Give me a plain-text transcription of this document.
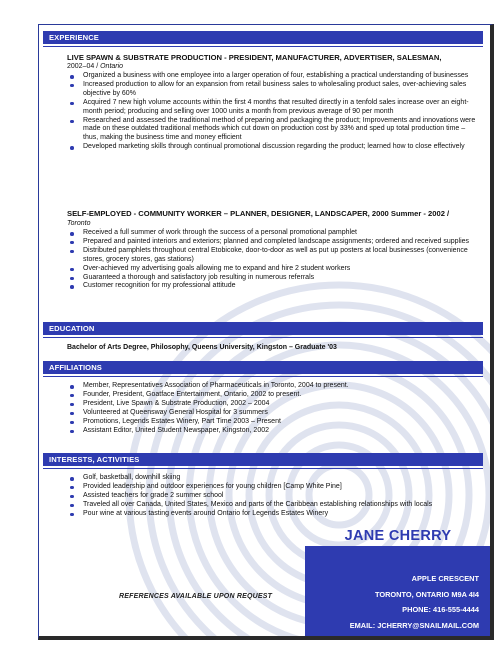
EXPERIENCE
LIVE SPAWN & SUBSTRATE PRODUCTION - PRESIDENT, MANUFACTURER, ADVERTISER, SALESMAN,
2002–04 / Ontario
Organized a business with one employee into a larger operation of four, establishing a practical understanding of businesses
Increased production to allow for an expansion from retail business sales to wholesaling product sales, over-achieving sales objective by 60%
Acquired 7 new high volume accounts within the first 4 months that resulted directly in a tenfold sales increase over an eight-month period; producing and selling over 1000 units a month from previous average of 90 per month
Researched and assessed the traditional method of preparing and packaging the product; Improvements and innovations were made on these outdated traditional methods which cut down on production cost by 33% and sped up total production time – thus, making the business time and money efficient
Developed marketing skills through continual promotional discussion regarding the product; learned how to close effectively
SELF-EMPLOYED - COMMUNITY WORKER – PLANNER, DESIGNER, LANDSCAPER, 2000 Summer - 2002 /
Toronto
Received a full summer of work through the success of a personal promotional pamphlet
Prepared and painted interiors and exteriors; planned and completed landscape assignments; ordered and received supplies
Distributed pamphlets throughout central Etobicoke, door-to-door as well as put up posters at local businesses (convenience stores, grocery stores, gas stations)
Over-achieved my advertising goals allowing me to expand and hire 2 student workers
Guaranteed a thorough and satisfactory job resulting in numerous referrals
Customer recognition for my professional attitude
EDUCATION
Bachelor of Arts Degree, Philosophy, Queens University, Kingston – Graduate '03
AFFILIATIONS
Member, Representatives Association of Pharmaceuticals in Toronto, 2004 to present.
Founder, President, Goatface Entertainment, Ontario, 2002 to present.
President, Live Spawn & Substrate Production, 2002 – 2004
Volunteered at Queensway General Hospital for 3 summers
Promotions, Legends Estates Winery, Part Time 2003 – Present
Assistant Editor, United Student Newspaper, Kingston, 2002
INTERESTS, ACTIVITIES
Golf, basketball, downhill skiing
Provided leadership and outdoor experiences for young children [Camp White Pine]
Assisted teachers for grade 2 summer school
Traveled all over Canada, United States, Mexico and parts of the Caribbean establishing relationships with locals
Pour wine at various tasting events around Ontario for Legends Estates Winery
JANE CHERRY
APPLE CRESCENT
TORONTO, ONTARIO M9A 4I4
PHONE: 416-555-4444
EMAIL: JCHERRY@SNAILMAIL.COM
REFERENCES AVAILABLE UPON REQUEST
